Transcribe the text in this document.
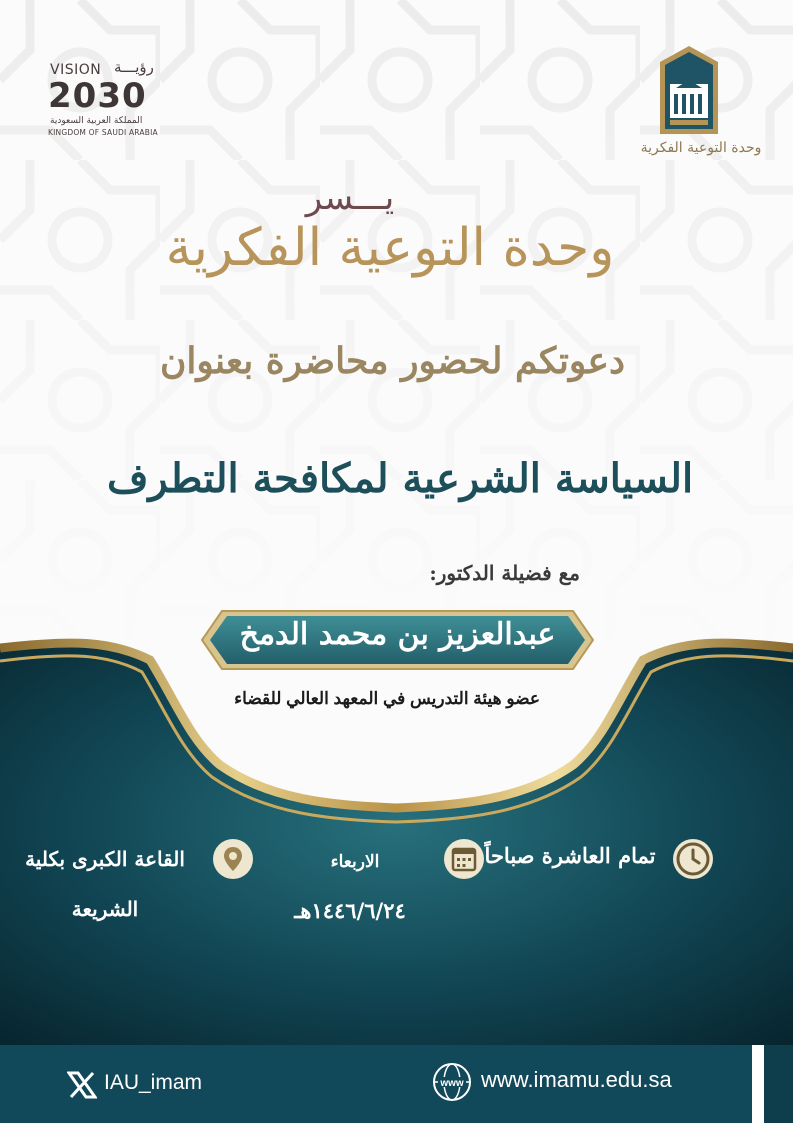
VISION رؤيـــة
2030
المملكة العربية السعودية
KINGDOM OF SAUDI ARABIA
وحدة التوعية الفكرية
يـــسر
وحدة التوعية الفكرية
دعوتكم لحضور محاضرة بعنوان
السياسة الشرعية لمكافحة التطرف
مع فضيلة الدكتور:
عبدالعزيز بن محمد الدمخ
عضو هيئة التدريس في المعهد العالي للقضاء
تمام العاشرة صباحاً
الاربعاء
١٤٤٦/٦/٢٤هـ
القاعة الكبرى بكلية
الشريعة
IAU_imam	www www.imamu.edu.sa
